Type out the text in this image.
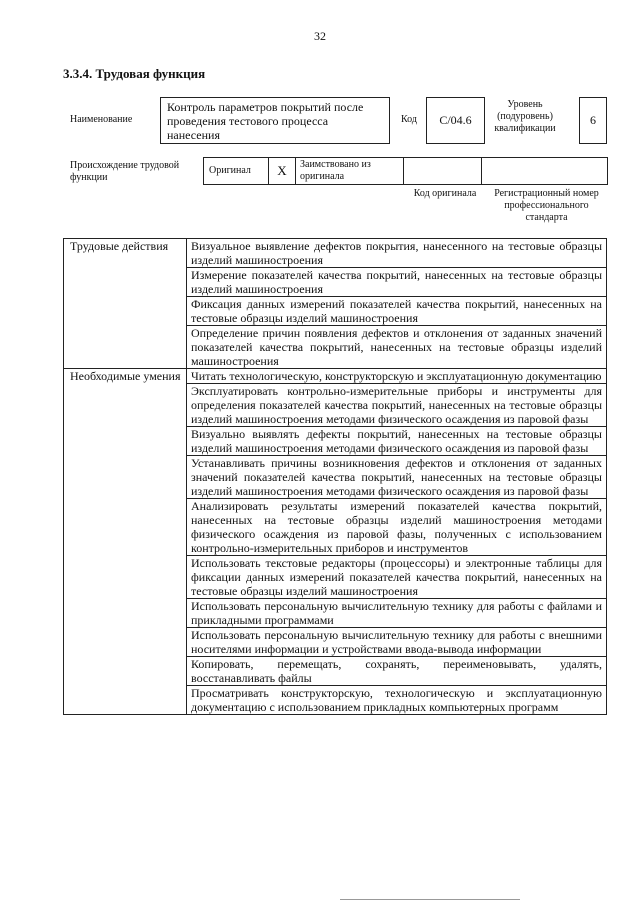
32
3.3.4. Трудовая функция
Наименование
Контроль параметров покрытий после проведения тестового процесса нанесения
Код	C/04.6
Уровень (подуровень) квалификации
6
Происхождение трудовой функции
Оригинал	X	Заимствовано из оригинала
Код оригинала	Регистрационный номер профессионального стандарта
Трудовые действия	Визуальное выявление дефектов покрытия, нанесенного на тестовые образцы изделий машиностроения
	Измерение показателей качества покрытий, нанесенных на тестовые образцы изделий машиностроения
	Фиксация данных измерений показателей качества покрытий, нанесенных на тестовые образцы изделий машиностроения
	Определение причин появления дефектов и отклонения от заданных значений показателей качества покрытий, нанесенных на тестовые образцы изделий машиностроения
Необходимые умения	Читать технологическую, конструкторскую и эксплуатационную документацию
	Эксплуатировать контрольно-измерительные приборы и инструменты для определения показателей качества покрытий, нанесенных на тестовые образцы изделий машиностроения методами физического осаждения из паровой фазы
	Визуально выявлять дефекты покрытий, нанесенных на тестовые образцы изделий машиностроения методами физического осаждения из паровой фазы
	Устанавливать причины возникновения дефектов и отклонения от заданных значений показателей качества покрытий, нанесенных на тестовые образцы изделий машиностроения методами физического осаждения из паровой фазы
	Анализировать результаты измерений показателей качества покрытий, нанесенных на тестовые образцы изделий машиностроения методами физического осаждения из паровой фазы, полученных с использованием контрольно-измерительных приборов и инструментов
	Использовать текстовые редакторы (процессоры) и электронные таблицы для фиксации данных измерений показателей качества покрытий, нанесенных на тестовые образцы изделий машиностроения
	Использовать персональную вычислительную технику для работы с файлами и прикладными программами
	Использовать персональную вычислительную технику для работы с внешними носителями информации и устройствами ввода-вывода информации
	Копировать, перемещать, сохранять, переименовывать, удалять, восстанавливать файлы
	Просматривать конструкторскую, технологическую и эксплуатационную документацию с использованием прикладных компьютерных программ
